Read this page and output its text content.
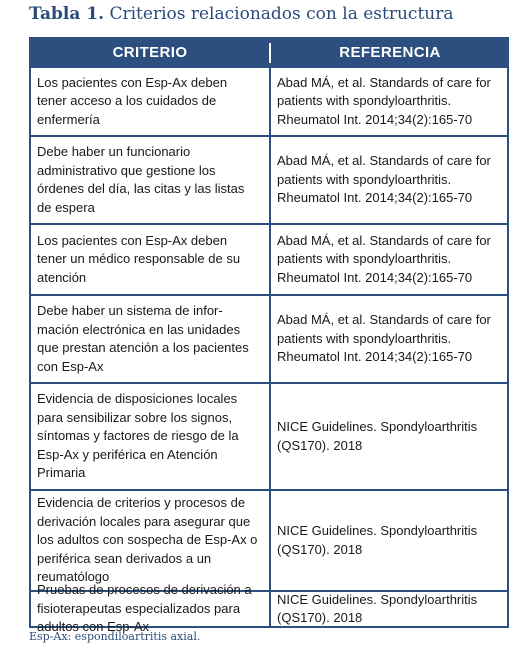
Tabla 1. Criterios relacionados con la estructura
CRITERIO	REFERENCIA
Los pacientes con Esp-Ax deben
tener acceso a los cuidados de
enfermería
Abad MÁ, et al. Standards of care for
patients with spondyloarthritis.
Rheumatol Int. 2014;34(2):165-70
Debe haber un funcionario
administrativo que gestione los
órdenes del día, las citas y las listas
de espera
Abad MÁ, et al. Standards of care for
patients with spondyloarthritis.
Rheumatol Int. 2014;34(2):165-70
Los pacientes con Esp-Ax deben
tener un médico responsable de su
atención
Abad MÁ, et al. Standards of care for
patients with spondyloarthritis.
Rheumatol Int. 2014;34(2):165-70
Debe haber un sistema de infor-
mación electrónica en las unidades
que prestan atención a los pacientes
con Esp-Ax
Abad MÁ, et al. Standards of care for
patients with spondyloarthritis.
Rheumatol Int. 2014;34(2):165-70
Evidencia de disposiciones locales
para sensibilizar sobre los signos,
síntomas y factores de riesgo de la
Esp-Ax y periférica en Atención
Primaria
NICE Guidelines. Spondyloarthritis
(QS170). 2018
Evidencia de criterios y procesos de
derivación locales para asegurar que
los adultos con sospecha de Esp-Ax o
periférica sean derivados a un
reumatólogo
NICE Guidelines. Spondyloarthritis
(QS170). 2018
Pruebas de procesos de derivación a
fisioterapeutas especializados para
adultos con Esp-Ax
NICE Guidelines. Spondyloarthritis
(QS170). 2018
Esp-Ax: espondiloartritis axial.
